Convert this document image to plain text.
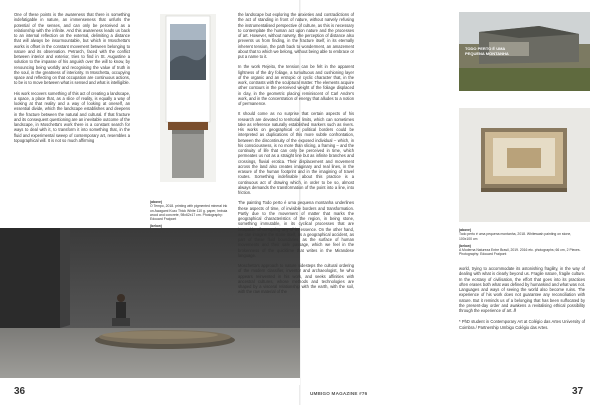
One of these points is the awareness that there is something indefatigable in nature, an immenseness that unfurls the potential of the senses, and can only be perceived as a relationship with the infinite. And this awareness leads us back to an internal reflection on the external, delimiting a distance that will always be insurmountable, but which in Moschetta's works is offset in the constant movement between belonging to nature and its observation. Petrarch, faced with the conflict between interior and exterior, tries to find in St. Augustine a solution to the impasse of his anguish over the will to know, by renouncing being worldly and recognising the value of truth in the soul, in the greatness of interiority. In Moschetta, occupying space and reflecting on that occupation are continuous actions, to be is to move between what is sensed and what is intelligible.

His work recovers something of this act of creating a landscape, a space, a place that, as a slice of reality, is equally a way of looking at that reality and a way of looking at oneself, an essential divide, which the landscape establishes and deepens in the fracture between the natural and cultural. If that fracture and its consequent questioning are an inevitable outcome of the landscape, in Moschetta's work there is a constant search for ways to deal with it, to transform it into something that, in the fluid and experimental sweep of contemporary art, resembles a topographical will. It is not so much affirming

(above)
O Tempo, 2018. printing with pigmented mineral ink on Awagami Kozo Thick White 110 g. paper, Imbuia wood and concrete, 98x62x17 cm. Photography: Edouard Fraipont
(below)
36

the landscape but exploring the anxieties and contradictions of the act of standing in front of nature, without naïvely refusing the instrumentalised perspective of culture, as this is necessary to contemplate the human act upon nature and the processes of art. However, without naïvety, the perception of distance also prevents us from finding, in the fracture itself, in its eternally inherent tension, the path back to wonderment, an amazement about that to which we belong, without being able to embrace or put a name to it.

In the work Rejeito, the tension can be felt in the apparent lightness of the dry foliage, a tumultuous and cushioning layer of the organic and an entropic or cyclic character that, in the work, contrasts with the sculptural matter. The elements acquire other contours in the perceived weight of the foliage displaced in clay, in the geometric placing reminiscent of Carl Andre's work, and in the concentration of energy that alludes to a notion of permanence.

It should come as no surprise that certain aspects of his research are devoted to territorial limits, which can sometimes take as reference naturally established markers such as rivers. His works on geographical or political borders could be interpreted as duplications of this more subtle confrontation, between the discontinuity of the exposed individual – which, in his consciousness, is no more than slicing, a framing – and the continuity of life that can only be perceived in time, which permeates us not as a straight line but as infinite branches and crossings, fluvial erotica. Their displacement and movement across the land also creates imaginary and real lines, in the erasure of the human footprint and in the imagining of travel routes. Something indefinable about this practice is a continuous act of drawing which, in order to be so, almost always demands the transformation of the point into a line, into friction.

The painting Todo perto é uma pequena montanha underlines these aspects of time, of invisible borders and transformation. Partly due to the movement of matter that marks the geographical characteristics of the region, in being stone, something immutable, in its cyclical processes that are incapable of corrupting any of its essence. On the other hand, we can imagine the stone itself, as a geographical accident, as part of these fluid boundaries, as the surface of human movements and their safe passage, which we feel in the brokenness of the quicklime that writes in the Mirandese language.

Moschetta's approach to nature sidesteps the cultural ordering of the modern classifier, inventor and archaeologist, he who appears reinvented in his work, and seeks affinities with ancestral cultures, whose methods and technologies are shaped by a visceral relationship with the earth, with the soil, with the raw material of the

TODO PERTO É UMA PEQUENA MONTANHA
(above)
Todo perto é uma pequena montanha, 2018. Whitewash painting on stone, 100x100 cm
(below)
A Moderna Natureza Entre Brasil, 2019. 2016 etc. photographs; 66 cm, 2 Pieces. Photography: Edouard Fraipont

world, trying to accommodate its astonishing fragility, in the way of dealing with what is clearly beyond us. Fragile nature, fragile culture. In the ecstasy of civilisation, the effort that goes into its practices often erases both what was defined by humankind and what was not. Languages and ways of seeing the world also become ruins. The experience of his work does not guarantee any reconciliation with nature. But it reminds us of a belonging that has been suffocated by the present-day order and awakens a revitalising ethical possibility through the experience of art. //

* PhD student in Contemporary Art at Colégio das Artes University of Coimbra / Partnership Umbigo Colégio das Artes.

UMBIGO MAGAZINE #76	37
